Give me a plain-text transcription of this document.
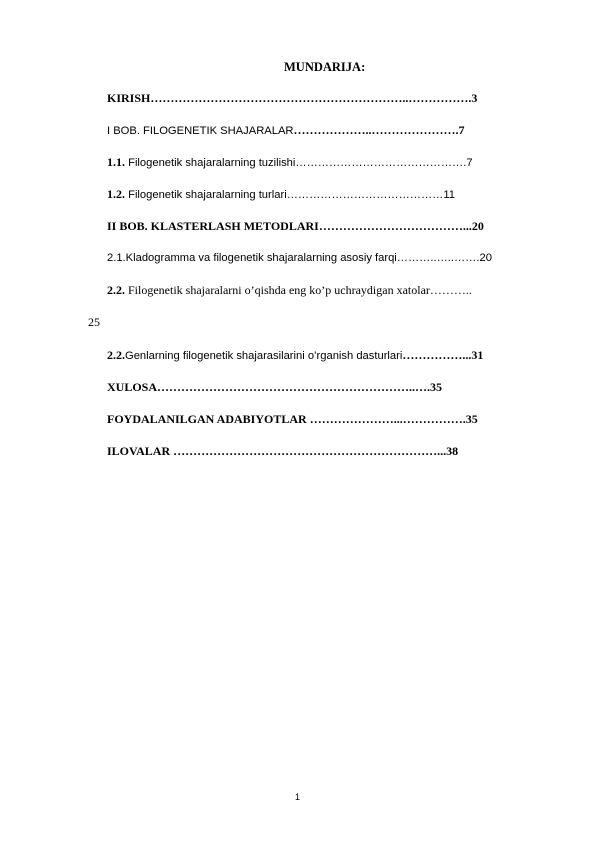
MUNDARIJA:
KIRISH………………………………………………………..…………….3
I BOB. FILOGENETIK SHAJARALAR………………..………………….7
1.1. Filogenetik shajaralarning tuzilishi……………………………………….7
1.2. Filogenetik shajaralarning turlari……………………………………11
II BOB. KLASTERLASH METODLARI………………………………...20
2.1.Kladogramma va filogenetik shajaralarning asosiy farqi………..…..…….20
2.2. Filogenetik shajaralarni o’qishda eng ko’p uchraydigan xatolar………..
25
2.2.Genlarning filogenetik shajarasilarini o’rganish dasturlari……………...31
XULOSA………………………………………………………..….35
FOYDALANILGAN ADABIYOTLAR …………………...…………….35
ILOVALAR …………………………………………………………...38
1
